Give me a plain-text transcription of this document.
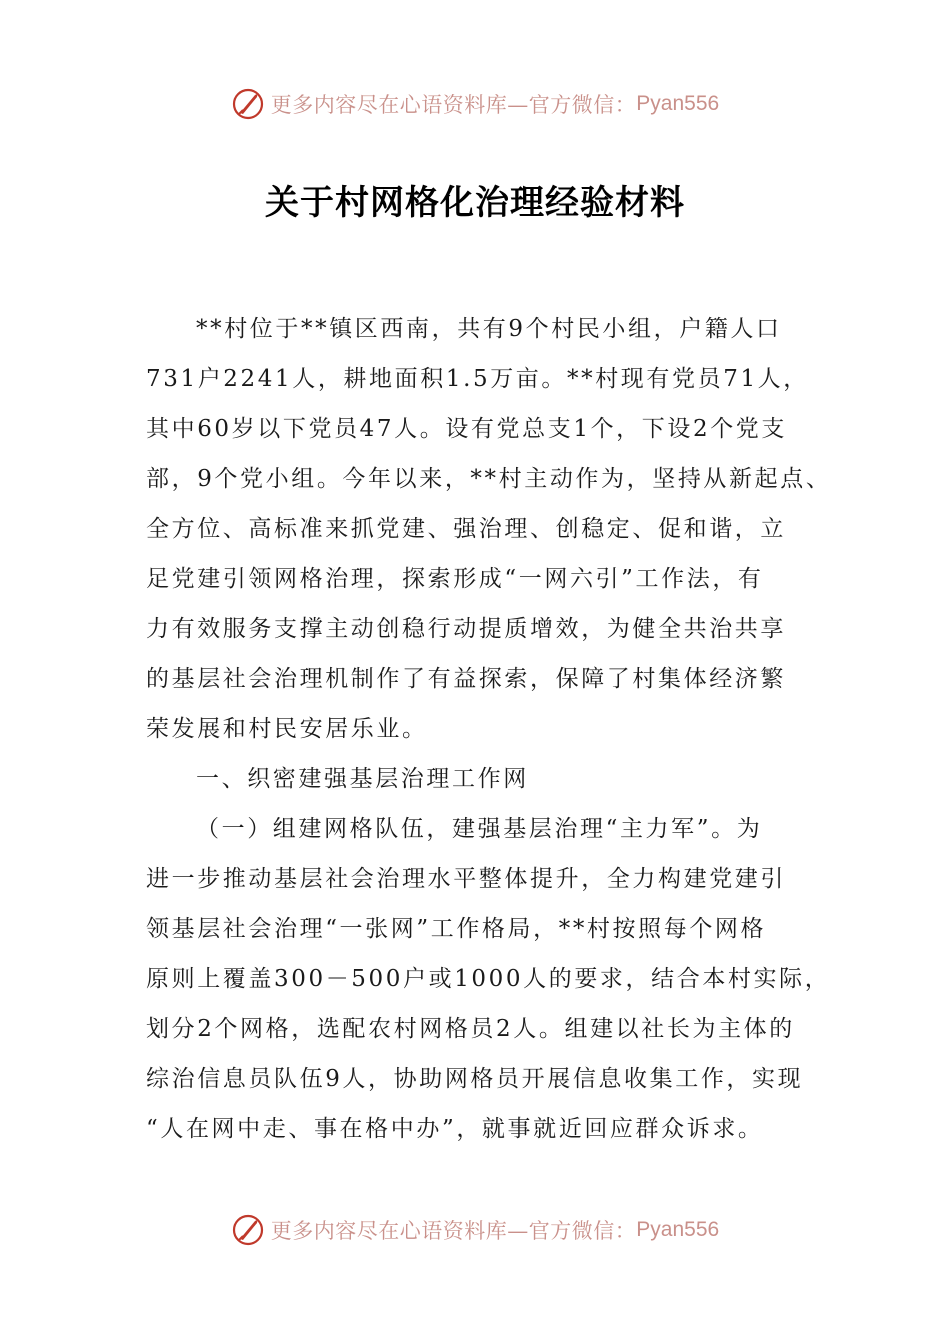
更多内容尽在心语资料库—官方微信： Pyan556
关于村网格化治理经验材料
**村位于**镇区西南，共有9个村民小组，户籍人口
731户2241人，耕地面积1.5万亩。**村现有党员71人，
其中60岁以下党员47人。设有党总支1个，下设2个党支
部，9个党小组。今年以来，**村主动作为，坚持从新起点、
全方位、高标准来抓党建、强治理、创稳定、促和谐，立
足党建引领网格治理，探索形成“一网六引”工作法，有
力有效服务支撑主动创稳行动提质增效，为健全共治共享
的基层社会治理机制作了有益探索，保障了村集体经济繁
荣发展和村民安居乐业。
一、织密建强基层治理工作网
（一）组建网格队伍，建强基层治理“主力军”。为
进一步推动基层社会治理水平整体提升，全力构建党建引
领基层社会治理“一张网”工作格局，**村按照每个网格
原则上覆盖300－500户或1000人的要求，结合本村实际，
划分2个网格，选配农村网格员2人。组建以社长为主体的
综治信息员队伍9人，协助网格员开展信息收集工作，实现
“人在网中走、事在格中办”，就事就近回应群众诉求。
更多内容尽在心语资料库—官方微信： Pyan556
